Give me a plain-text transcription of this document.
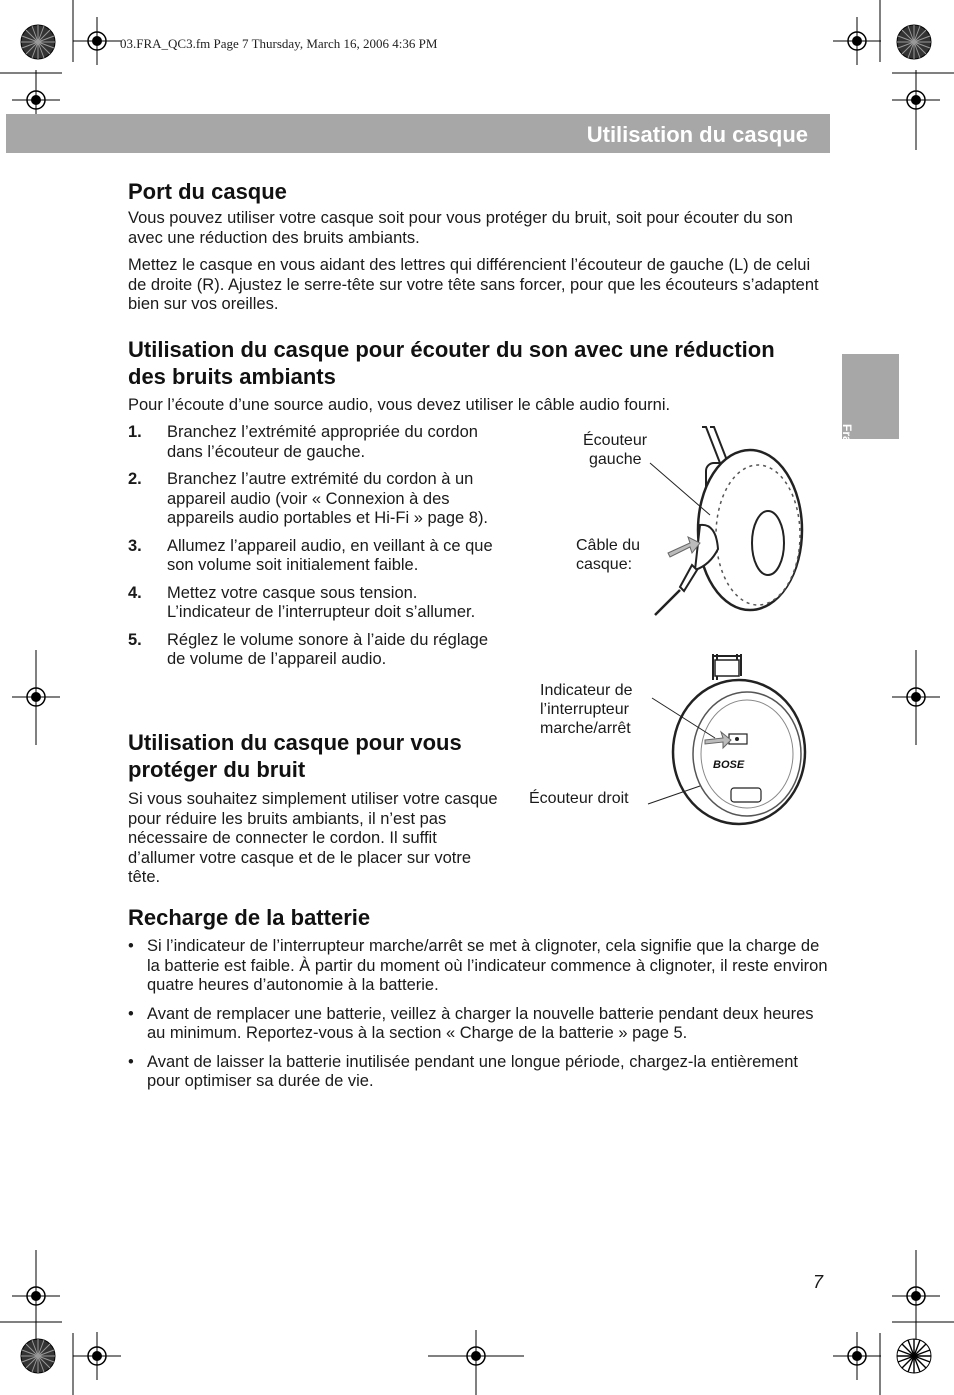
03.FRA_QC3.fm Page 7 Thursday, March 16, 2006 4:36 PM
Utilisation du casque
Français
Port du casque

Vous pouvez utiliser votre casque soit pour vous protéger du bruit, soit pour écouter du son avec une réduction des bruits ambiants.

Mettez le casque en vous aidant des lettres qui différencient l’écouteur de gauche (L) de celui de droite (R). Ajustez le serre-tête sur votre tête sans forcer, pour que les écouteurs s’adaptent bien sur vos oreilles.

Utilisation du casque pour écouter du son avec une réduction des bruits ambiants

Pour l’écoute d’une source audio, vous devez utiliser le câble audio fourni.

1. Branchez l’extrémité appropriée du cordon dans l’écouteur de gauche.
2. Branchez l’autre extrémité du cordon à un appareil audio (voir « Connexion à des appareils audio portables et Hi-Fi » page 8).
3. Allumez l’appareil audio, en veillant à ce que son volume soit initialement faible.
4. Mettez votre casque sous tension. L’indicateur de l’interrupteur doit s’allumer.
5. Réglez le volume sonore à l’aide du réglage de volume de l’appareil audio.
Utilisation du casque pour vous protéger du bruit

Si vous souhaitez simplement utiliser votre casque pour réduire les bruits ambiants, il n’est pas nécessaire de connecter le cordon. Il suffit d’allumer votre casque et de le placer sur votre tête.

Recharge de la batterie
• Si l’indicateur de l’interrupteur marche/arrêt se met à clignoter, cela signifie que la charge de la batterie est faible. À partir du moment où l’indicateur commence à clignoter, il reste environ quatre heures d’autonomie à la batterie.
• Avant de remplacer une batterie, veillez à charger la nouvelle batterie pendant deux heures au minimum. Reportez-vous à la section « Charge de la batterie » page 5.
• Avant de laisser la batterie inutilisée pendant une longue période, chargez-la entièrement pour optimiser sa durée de vie.
Écouteur
gauche
Câble du
casque:
BOSE
Indicateur de
l’interrupteur
marche/arrêt
Écouteur droit
7
